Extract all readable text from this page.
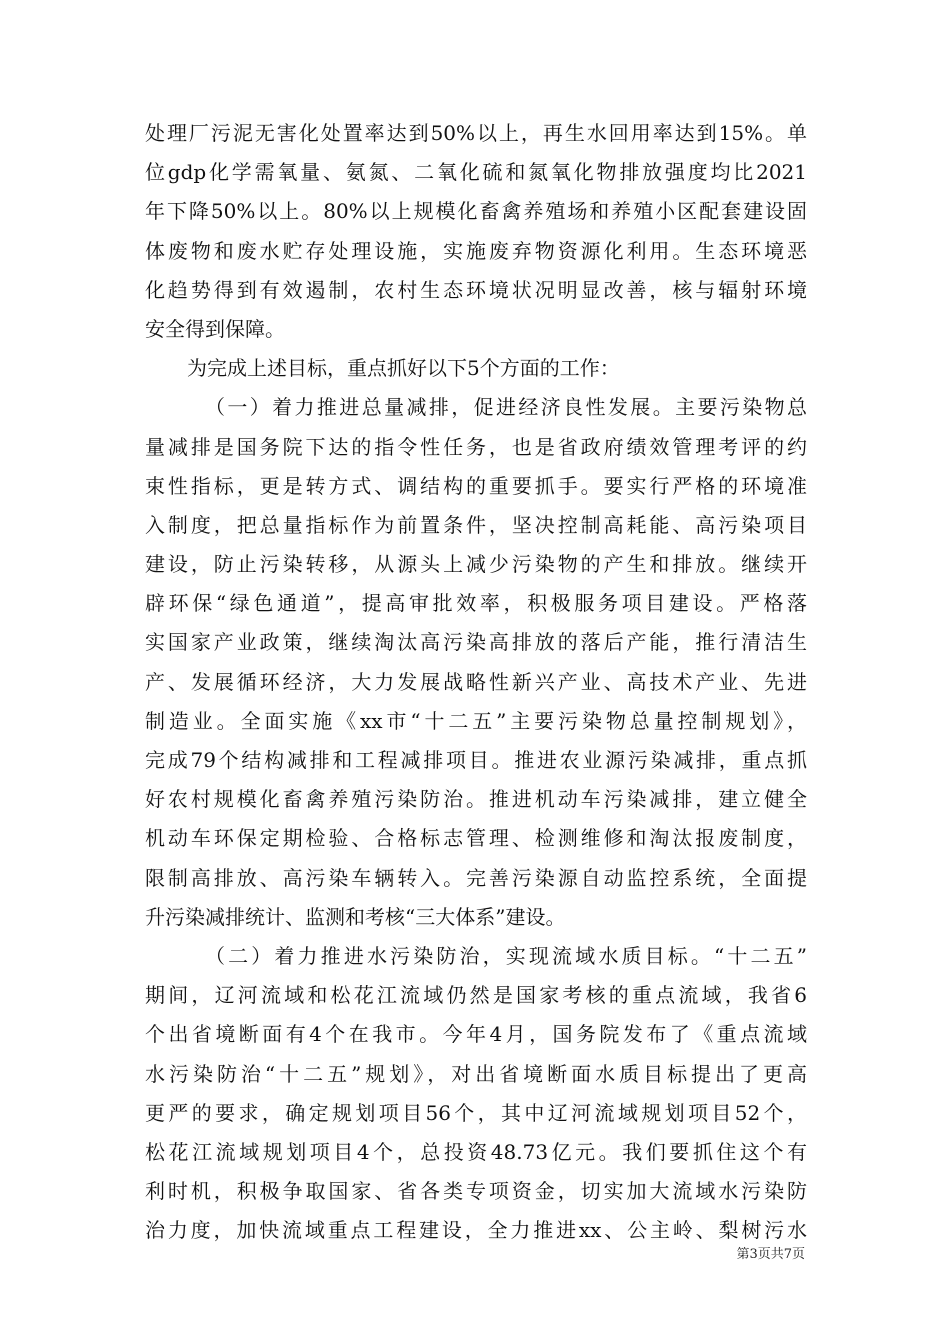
处理厂污泥无害化处置率达到50%以上，再生水回用率达到15%。单
位gdp化学需氧量、氨氮、二氧化硫和氮氧化物排放强度均比2021
年下降50%以上。80%以上规模化畜禽养殖场和养殖小区配套建设固
体废物和废水贮存处理设施，实施废弃物资源化利用。生态环境恶
化趋势得到有效遏制，农村生态环境状况明显改善，核与辐射环境
安全得到保障。
为完成上述目标，重点抓好以下5个方面的工作：
（一）着力推进总量减排，促进经济良性发展。主要污染物总
量减排是国务院下达的指令性任务，也是省政府绩效管理考评的约
束性指标，更是转方式、调结构的重要抓手。要实行严格的环境准
入制度，把总量指标作为前置条件，坚决控制高耗能、高污染项目
建设，防止污染转移，从源头上减少污染物的产生和排放。继续开
辟环保“绿色通道”，提高审批效率，积极服务项目建设。严格落
实国家产业政策，继续淘汰高污染高排放的落后产能，推行清洁生
产、发展循环经济，大力发展战略性新兴产业、高技术产业、先进
制造业。全面实施《xx市“十二五”主要污染物总量控制规划》，
完成79个结构减排和工程减排项目。推进农业源污染减排，重点抓
好农村规模化畜禽养殖污染防治。推进机动车污染减排，建立健全
机动车环保定期检验、合格标志管理、检测维修和淘汰报废制度，
限制高排放、高污染车辆转入。完善污染源自动监控系统，全面提
升污染减排统计、监测和考核“三大体系”建设。
（二）着力推进水污染防治，实现流域水质目标。“十二五”
期间，辽河流域和松花江流域仍然是国家考核的重点流域，我省6
个出省境断面有4个在我市。今年4月，国务院发布了《重点流域
水污染防治“十二五”规划》，对出省境断面水质目标提出了更高
更严的要求，确定规划项目56个，其中辽河流域规划项目52个，
松花江流域规划项目4个，总投资48.73亿元。我们要抓住这个有
利时机，积极争取国家、省各类专项资金，切实加大流域水污染防
治力度，加快流域重点工程建设，全力推进xx、公主岭、梨树污水
第3页共7页
